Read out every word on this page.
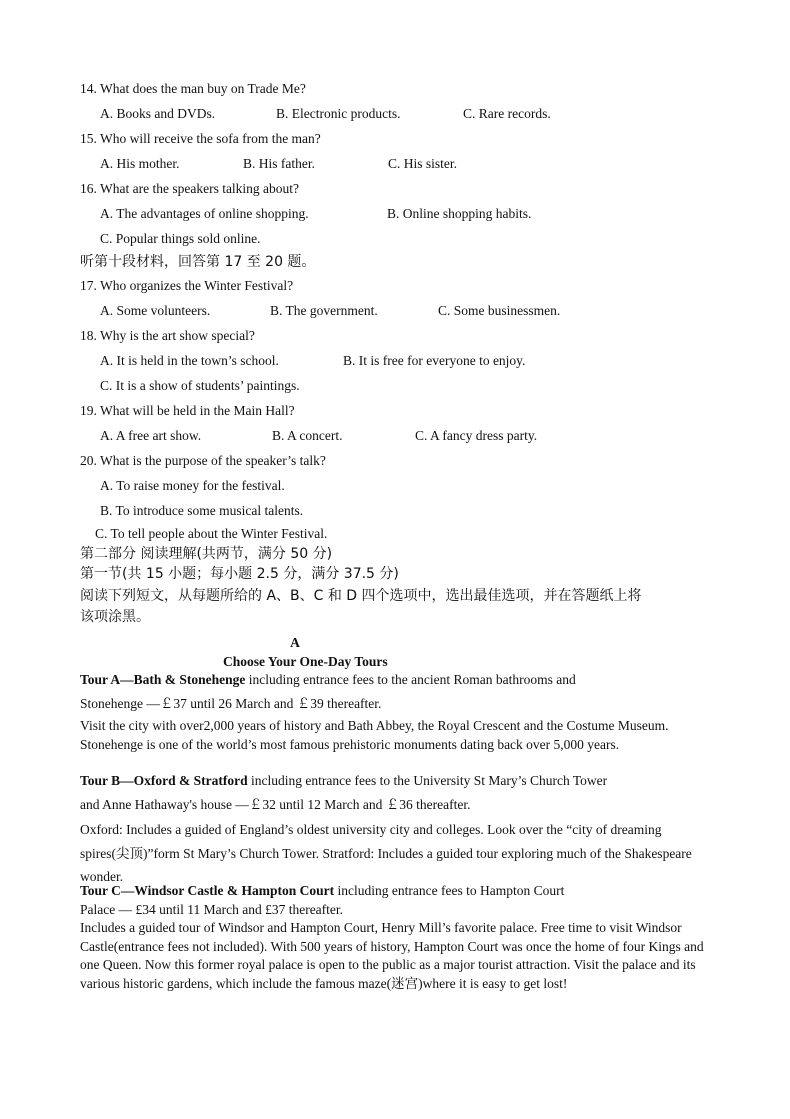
14. What does the man buy on Trade Me?
A. Books and DVDs.	B. Electronic products.	C. Rare records.
15. Who will receive the sofa from the man?
A. His mother.	B. His father.	C. His sister.
16. What are the speakers talking about?
A. The advantages of online shopping.	B. Online shopping habits.
C. Popular things sold online.
听第十段材料，回答第 17 至 20 题。
17. Who organizes the Winter Festival?
A. Some volunteers.	B. The government.	C. Some businessmen.
18. Why is the art show special?
A. It is held in the town’s school.	B. It is free for everyone to enjoy.
C. It is a show of students’ paintings.
19. What will be held in the Main Hall?
A. A free art show.	B. A concert.	C. A fancy dress party.
20. What is the purpose of the speaker’s talk?
A. To raise money for the festival.
B. To introduce some musical talents.
C. To tell people about the Winter Festival.
第二部分 阅读理解(共两节，满分 50 分)
第一节(共 15 小题；每小题 2.5 分，满分 37.5 分)
阅读下列短文，从每题所给的 A、B、C 和 D 四个选项中，选出最佳选项，并在答题纸上将
该项涂黑。
A
Choose Your One-Day Tours
Tour A—Bath & Stonehenge including entrance fees to the ancient Roman bathrooms and
Stonehenge —￡37 until 26 March and ￡39 thereafter.
Visit the city with over2,000 years of history and Bath Abbey, the Royal Crescent and the Costume Museum. Stonehenge is one of the world’s most famous prehistoric monuments dating back over 5,000 years.
Tour B—Oxford & Stratford including entrance fees to the University St Mary’s Church Tower
and Anne Hathaway's house —￡32 until 12 March and ￡36 thereafter.
Oxford: Includes a guided of England’s oldest university city and colleges. Look over the “city of dreaming spires(尖顶)”form St Mary’s Church Tower. Stratford: Includes a guided tour exploring much of the Shakespeare wonder.
Tour C—Windsor Castle & Hampton Court including entrance fees to Hampton Court
Palace — £34 until 11 March and £37 thereafter.
Includes a guided tour of Windsor and Hampton Court, Henry Mill’s favorite palace. Free time to visit Windsor Castle(entrance fees not included). With 500 years of history, Hampton Court was once the home of four Kings and one Queen. Now this former royal palace is open to the public as a major tourist attraction. Visit the palace and its various historic gardens, which include the famous maze(迷宫)where it is easy to get lost!
